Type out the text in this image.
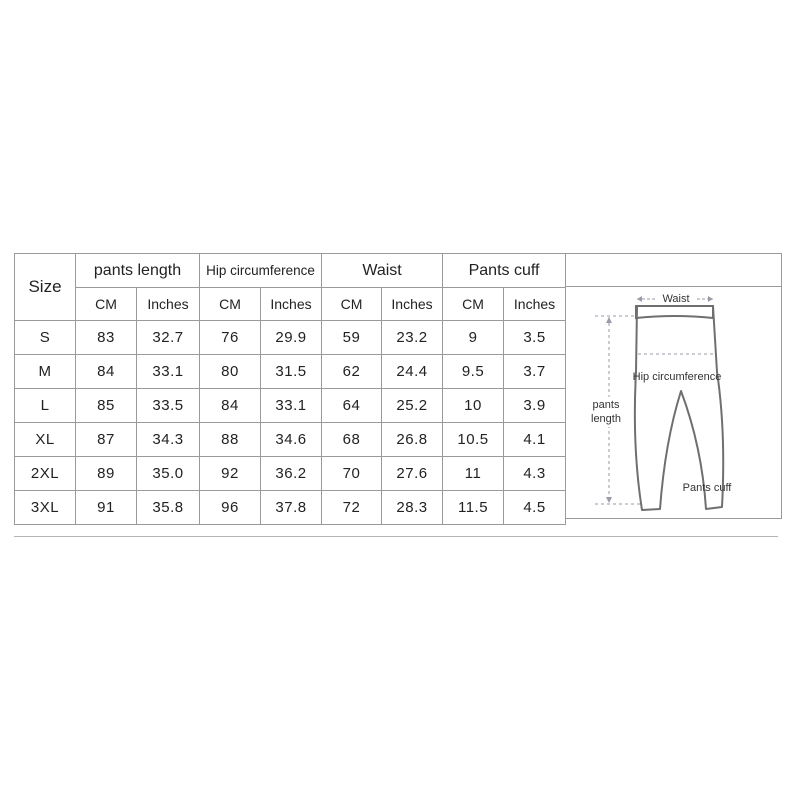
Size	pants length		Hip circumference		Waist		Pants cuff	
	CM	Inches	CM	Inches	CM	Inches	CM	Inches
S	83	32.7	76	29.9	59	23.2	9	3.5
M	84	33.1	80	31.5	62	24.4	9.5	3.7
L	85	33.5	84	33.1	64	25.2	10	3.9
XL	87	34.3	88	34.6	68	26.8	10.5	4.1
2XL	89	35.0	92	36.2	70	27.6	11	4.3
3XL	91	35.8	96	37.8	72	28.3	11.5	4.5
Waist
pants
length
Hip circumference
Pants cuff
